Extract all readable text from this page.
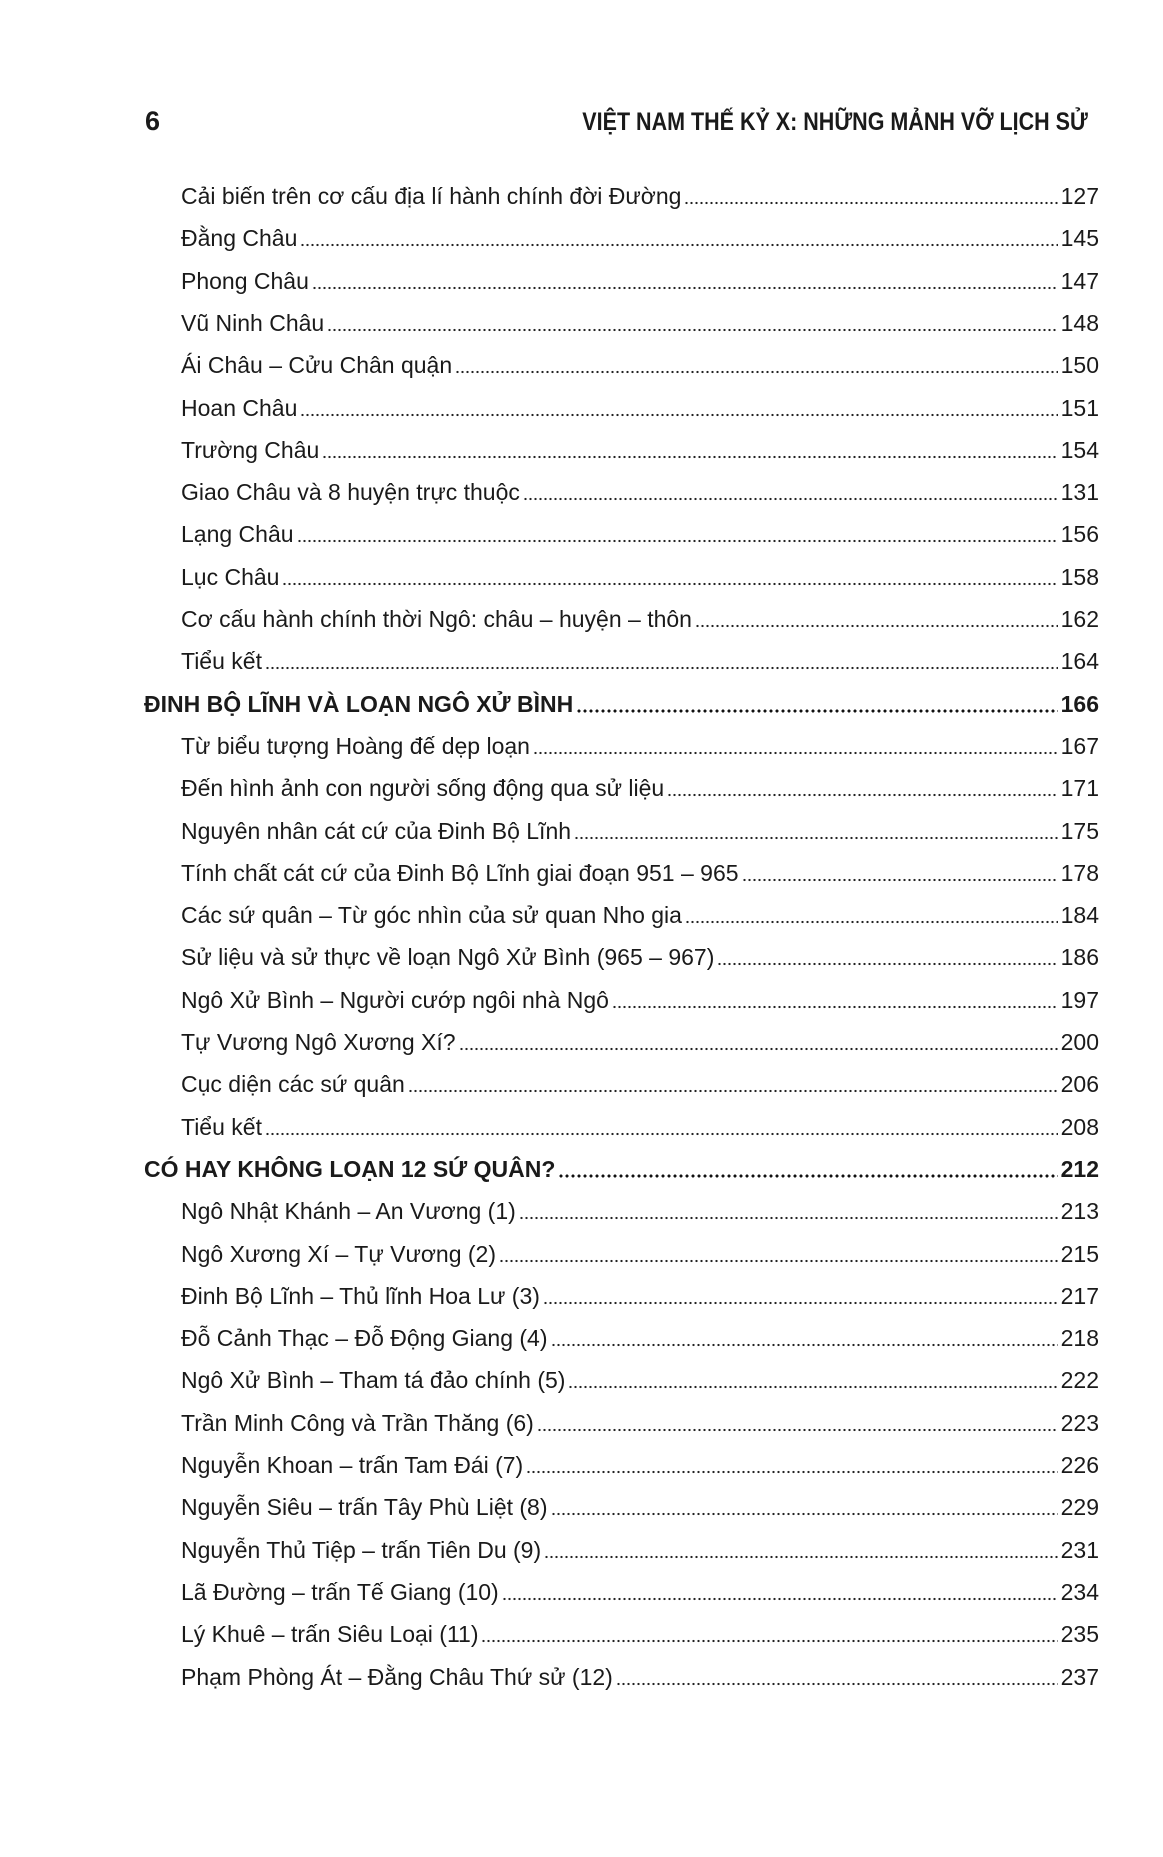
6	VIỆT NAM THẾ KỶ X: NHỮNG MẢNH VỠ LỊCH SỬ
Cải biến trên cơ cấu địa lí hành chính đời Đường	127
Đằng Châu	145
Phong Châu	147
Vũ Ninh Châu	148
Ái Châu – Cửu Chân quận	150
Hoan Châu	151
Trường Châu	154
Giao Châu và 8 huyện trực thuộc	131
Lạng Châu	156
Lục Châu	158
Cơ cấu hành chính thời Ngô: châu – huyện – thôn	162
Tiểu kết	164
ĐINH BỘ LĨNH VÀ LOẠN NGÔ XỬ BÌNH	166
Từ biểu tượng Hoàng đế dẹp loạn	167
Đến hình ảnh con người sống động qua sử liệu	171
Nguyên nhân cát cứ của Đinh Bộ Lĩnh	175
Tính chất cát cứ của Đinh Bộ Lĩnh giai đoạn 951 – 965	178
Các sứ quân – Từ góc nhìn của sử quan Nho gia	184
Sử liệu và sử thực về loạn Ngô Xử Bình (965 – 967)	186
Ngô Xử Bình – Người cướp ngôi nhà Ngô	197
Tự Vương Ngô Xương Xí?	200
Cục diện các sứ quân	206
Tiểu kết	208
CÓ HAY KHÔNG LOẠN 12 SỨ QUÂN?	212
Ngô Nhật Khánh – An Vương (1)	213
Ngô Xương Xí – Tự Vương (2)	215
Đinh Bộ Lĩnh – Thủ lĩnh Hoa Lư (3)	217
Đỗ Cảnh Thạc – Đỗ Động Giang (4)	218
Ngô Xử Bình – Tham tá đảo chính (5)	222
Trần Minh Công và Trần Thăng (6)	223
Nguyễn Khoan – trấn Tam Đái (7)	226
Nguyễn Siêu – trấn Tây Phù Liệt (8)	229
Nguyễn Thủ Tiệp – trấn Tiên Du (9)	231
Lã Đường – trấn Tế Giang (10)	234
Lý Khuê – trấn Siêu Loại (11)	235
Phạm Phòng Át – Đằng Châu Thứ sử (12)	237
